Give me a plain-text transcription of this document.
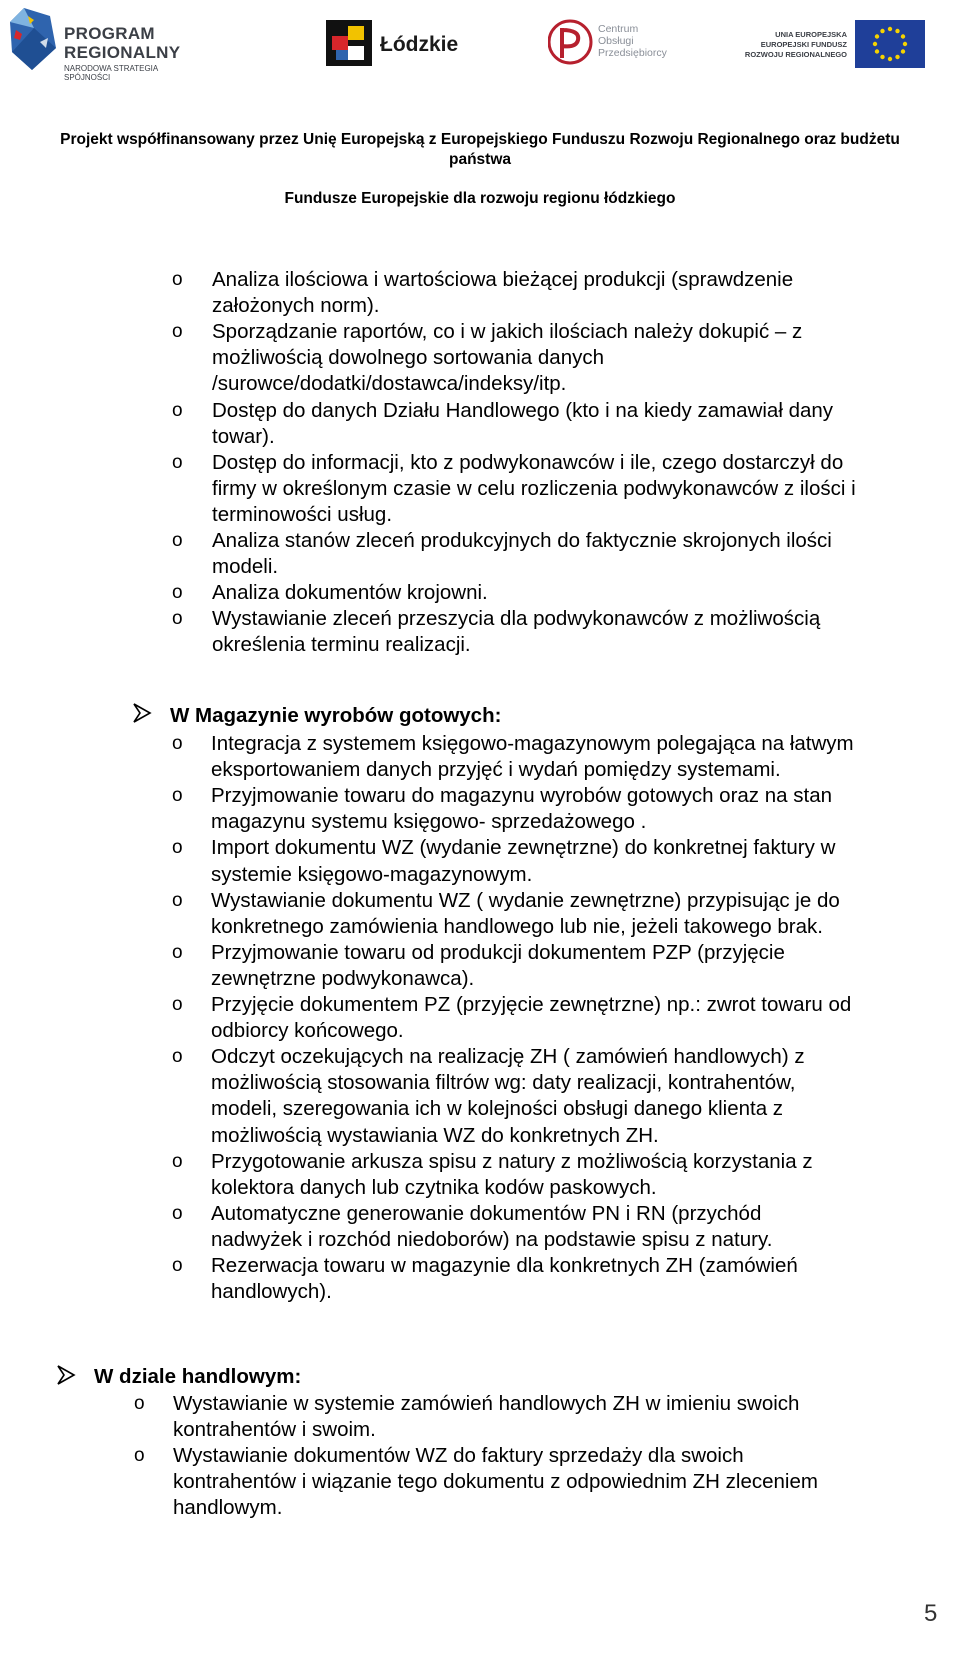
PROGRAM
REGIONALNY
NARODOWA STRATEGIA SPÓJNOŚCI
Łódzkie
Centrum
Obsługi
Przedsiębiorcy
UNIA EUROPEJSKA
EUROPEJSKI FUNDUSZ
ROZWOJU REGIONALNEGO
Projekt współfinansowany przez Unię Europejską z Europejskiego Funduszu Rozwoju Regionalnego oraz budżetu
państwa
Fundusze Europejskie dla rozwoju regionu łódzkiego
o Analiza ilościowa i wartościowa bieżącej produkcji (sprawdzenie
założonych norm).
o Sporządzanie raportów, co i w jakich ilościach należy dokupić – z
możliwością dowolnego sortowania danych
/surowce/dodatki/dostawca/indeksy/itp.
o Dostęp do danych Działu Handlowego (kto i na kiedy zamawiał dany
towar).
o Dostęp do informacji, kto z podwykonawców i ile, czego dostarczył do
firmy w określonym czasie w celu rozliczenia podwykonawców z ilości i
terminowości usług.
o Analiza stanów zleceń produkcyjnych do faktycznie skrojonych ilości
modeli.
o Analiza dokumentów krojowni.
o Wystawianie zleceń przeszycia dla podwykonawców z możliwością
określenia terminu realizacji.
W Magazynie wyrobów gotowych:
o Integracja z systemem księgowo-magazynowym polegająca na łatwym
eksportowaniem danych przyjęć i wydań pomiędzy systemami.
o Przyjmowanie towaru do magazynu wyrobów gotowych oraz na stan
magazynu systemu księgowo- sprzedażowego .
o Import dokumentu WZ (wydanie zewnętrzne) do konkretnej faktury w
systemie księgowo-magazynowym.
o Wystawianie dokumentu WZ ( wydanie zewnętrzne) przypisując je do
konkretnego zamówienia handlowego lub nie, jeżeli takowego brak.
o Przyjmowanie towaru od produkcji dokumentem PZP (przyjęcie
zewnętrzne podwykonawca).
o Przyjęcie dokumentem PZ (przyjęcie zewnętrzne) np.: zwrot towaru od
odbiorcy końcowego.
o Odczyt oczekujących na realizację ZH ( zamówień handlowych) z
możliwością stosowania filtrów wg: daty realizacji, kontrahentów,
modeli, szeregowania ich w kolejności obsługi danego klienta z
możliwością wystawiania WZ do konkretnych ZH.
o Przygotowanie arkusza spisu z natury z możliwością korzystania z
kolektora danych lub czytnika kodów paskowych.
o Automatyczne generowanie dokumentów PN i RN (przychód
nadwyżek i rozchód niedoborów) na podstawie spisu z natury.
o Rezerwacja towaru w magazynie dla konkretnych ZH (zamówień
handlowych).
W dziale handlowym:
o Wystawianie w systemie zamówień handlowych ZH w imieniu swoich
kontrahentów i swoim.
o Wystawianie dokumentów WZ do faktury sprzedaży dla swoich
kontrahentów i wiązanie tego dokumentu z odpowiednim ZH zleceniem
handlowym.
5
